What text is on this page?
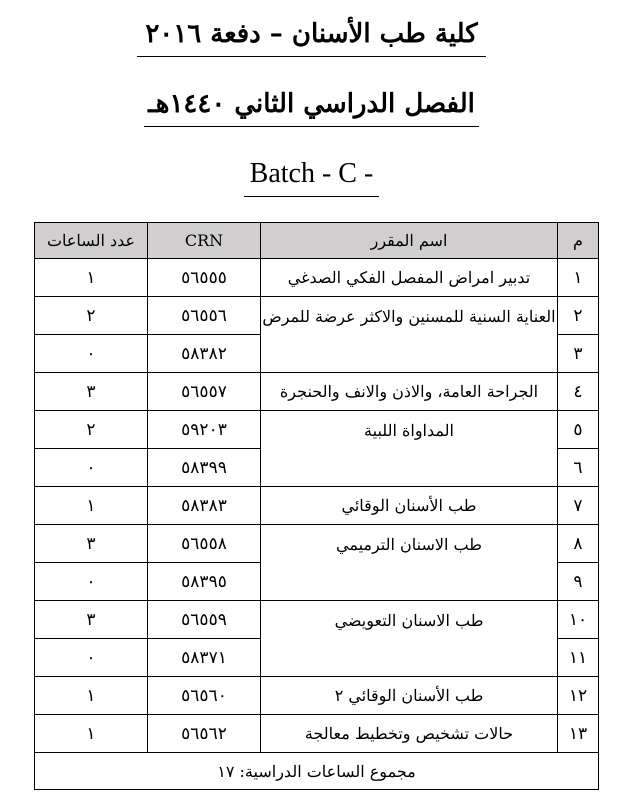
كلية طب الأسنان – دفعة ٢٠١٦
الفصل الدراسي الثاني ١٤٤٠هـ
Batch - C -
عدد الساعات	CRN	اسم المقرر	م
١	٥٦٥٥٥	تدبير امراض المفصل الفكي الصدغي	١
٢	٥٦٥٥٦	العناية السنية للمسنين والاكثر عرضة للمرض	٢
٠	٥٨٣٨٢		٣
٣	٥٦٥٥٧	الجراحة العامة، والاذن والانف والحنجرة	٤
٢	٥٩٢٠٣	المداواة اللبية	٥
٠	٥٨٣٩٩		٦
١	٥٨٣٨٣	طب الأسنان الوقائي	٧
٣	٥٦٥٥٨	طب الاسنان الترميمي	٨
٠	٥٨٣٩٥		٩
٣	٥٦٥٥٩	طب الاسنان التعويضي	١٠
٠	٥٨٣٧١		١١
١	٥٦٥٦٠	طب الأسنان الوقائي ٢	١٢
١	٥٦٥٦٢	حالات تشخيص وتخطيط معالجة	١٣
مجموع الساعات الدراسية: ١٧			
